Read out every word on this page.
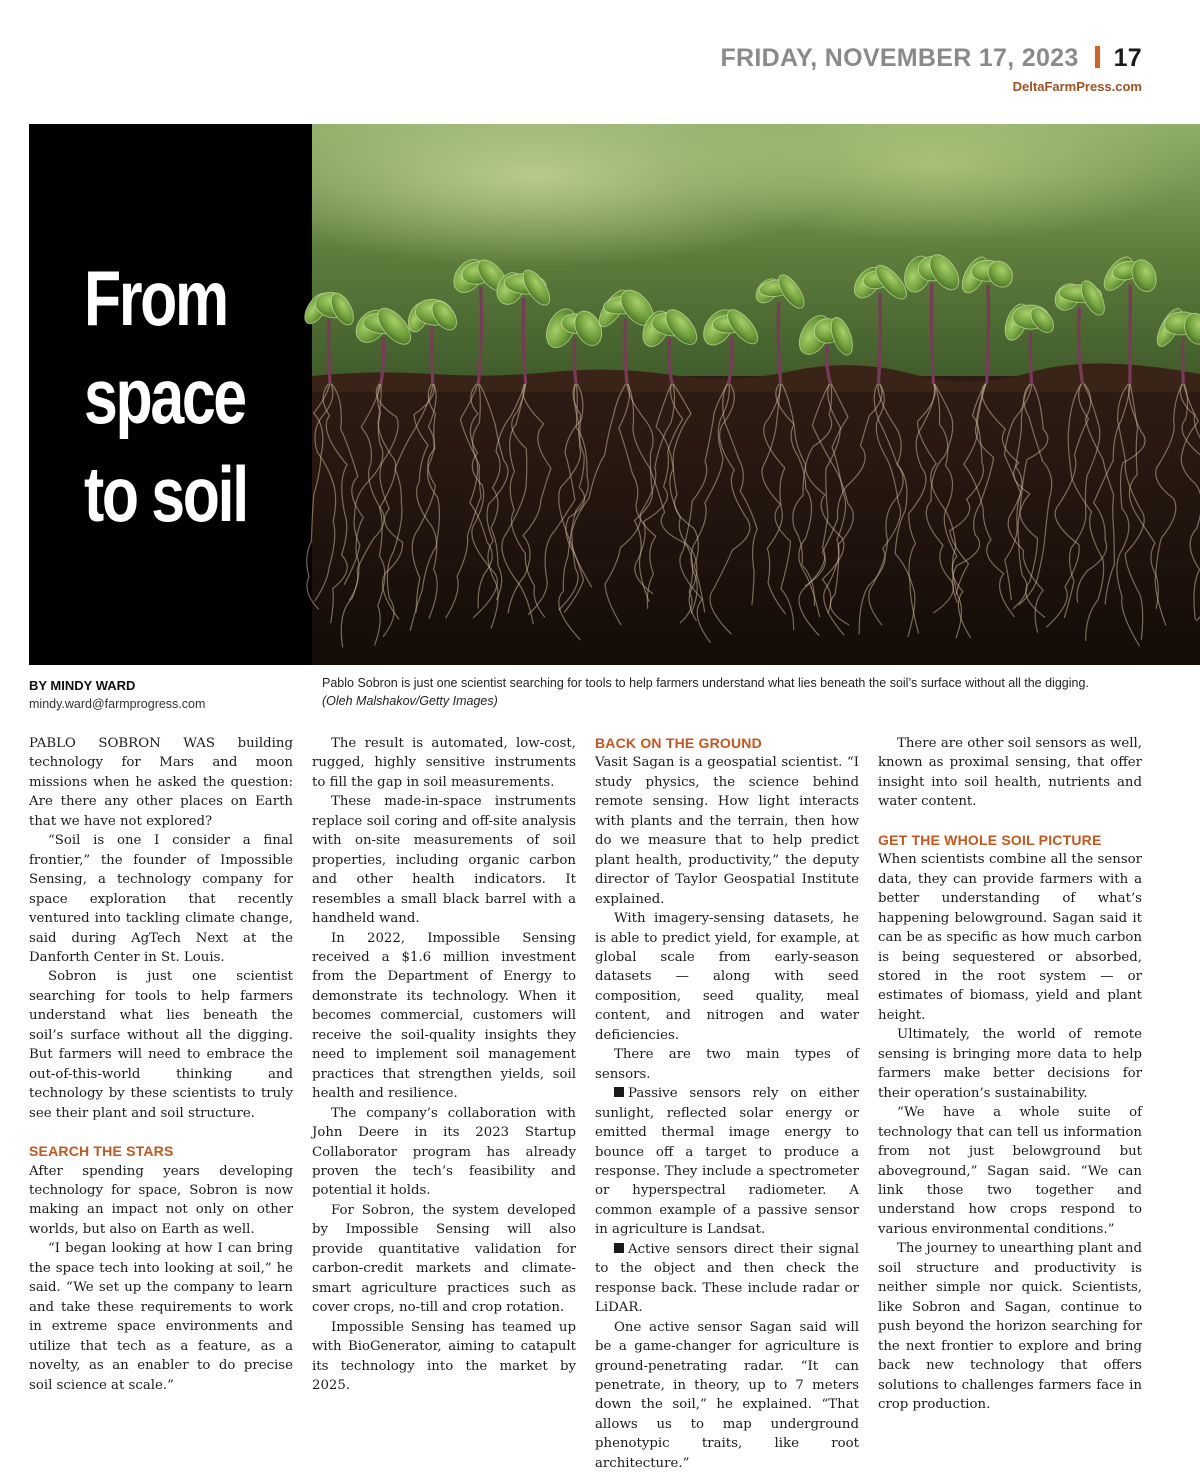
FRIDAY, NOVEMBER 17, 2023 17
DeltaFarmPress.com
From
space
to soil
BY MINDY WARD
mindy.ward@farmprogress.com
Pablo Sobron is just one scientist searching for tools to help farmers understand what lies beneath the soil’s surface without all the digging. (Oleh Malshakov/Getty Images)

PABLO SOBRON WAS building technology for Mars and moon missions when he asked the question: Are there any other places on Earth that we have not explored?

“Soil is one I consider a final frontier,” the founder of Impossible Sensing, a technology company for space exploration that recently ventured into tackling climate change, said during AgTech Next at the Danforth Center in St. Louis.

Sobron is just one scientist searching for tools to help farmers understand what lies beneath the soil’s surface without all the digging. But farmers will need to embrace the out-of-this-world thinking and technology by these scientists to truly see their plant and soil structure.

SEARCH THE STARS

After spending years developing technology for space, Sobron is now making an impact not only on other worlds, but also on Earth as well.

“I began looking at how I can bring the space tech into looking at soil,” he said. “We set up the company to learn and take these requirements to work in extreme space environments and utilize that tech as a feature, as a novelty, as an enabler to do precise soil science at scale.”

The result is automated, low-cost, rugged, highly sensitive instruments to fill the gap in soil measurements.

These made-in-space instruments replace soil coring and off-site analysis with on-site measurements of soil properties, including organic carbon and other health indicators. It resembles a small black barrel with a handheld wand.

In 2022, Impossible Sensing received a $1.6 million investment from the Department of Energy to demonstrate its technology. When it becomes commercial, customers will receive the soil-quality insights they need to implement soil management practices that strengthen yields, soil health and resilience.

The company’s collaboration with John Deere in its 2023 Startup Collaborator program has already proven the tech’s feasibility and potential it holds.

For Sobron, the system developed by Impossible Sensing will also provide quantitative validation for carbon-credit markets and climate-smart agriculture practices such as cover crops, no-till and crop rotation.

Impossible Sensing has teamed up with BioGenerator, aiming to catapult its technology into the market by 2025.

BACK ON THE GROUND

Vasit Sagan is a geospatial scientist. “I study physics, the science behind remote sensing. How light interacts with plants and the terrain, then how do we measure that to help predict plant health, productivity,” the deputy director of Taylor Geospatial Institute explained.

With imagery-sensing datasets, he is able to predict yield, for example, at global scale from early-season datasets — along with seed composition, seed quality, meal content, and nitrogen and water deficiencies.

There are two main types of sensors.

Passive sensors rely on either sunlight, reflected solar energy or emitted thermal image energy to bounce off a target to produce a response. They include a spectrometer or hyperspectral radiometer. A common example of a passive sensor in agriculture is Landsat.

Active sensors direct their signal to the object and then check the response back. These include radar or LiDAR.

One active sensor Sagan said will be a game-changer for agriculture is ground-penetrating radar. “It can penetrate, in theory, up to 7 meters down the soil,” he explained. “That allows us to map underground phenotypic traits, like root architecture.”

There are other soil sensors as well, known as proximal sensing, that offer insight into soil health, nutrients and water content.

GET THE WHOLE SOIL PICTURE

When scientists combine all the sensor data, they can provide farmers with a better understanding of what’s happening belowground. Sagan said it can be as specific as how much carbon is being sequestered or absorbed, stored in the root system — or estimates of biomass, yield and plant height.

Ultimately, the world of remote sensing is bringing more data to help farmers make better decisions for their operation’s sustainability.

“We have a whole suite of technology that can tell us information from not just belowground but aboveground,” Sagan said. “We can link those two together and understand how crops respond to various environmental conditions.”

The journey to unearthing plant and soil structure and productivity is neither simple nor quick. Scientists, like Sobron and Sagan, continue to push beyond the horizon searching for the next frontier to explore and bring back new technology that offers solutions to challenges farmers face in crop production.
